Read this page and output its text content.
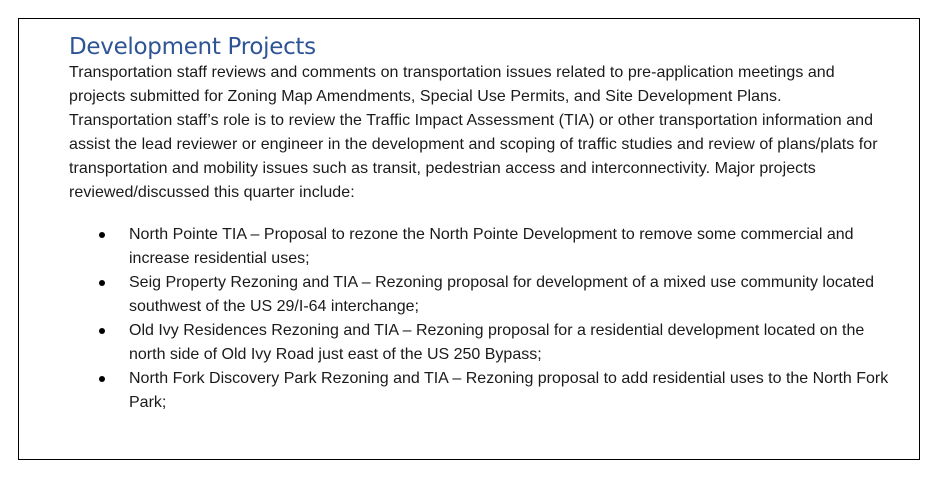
Development Projects

Transportation staff reviews and comments on transportation issues related to pre-application meetings and projects submitted for Zoning Map Amendments, Special Use Permits, and Site Development Plans. Transportation staff’s role is to review the Traffic Impact Assessment (TIA) or other transportation information and assist the lead reviewer or engineer in the development and scoping of traffic studies and review of plans/plats for transportation and mobility issues such as transit, pedestrian access and interconnectivity. Major projects reviewed/discussed this quarter include:

North Pointe TIA – Proposal to rezone the North Pointe Development to remove some commercial and increase residential uses;
Seig Property Rezoning and TIA – Rezoning proposal for development of a mixed use community located southwest of the US 29/I-64 interchange;
Old Ivy Residences Rezoning and TIA – Rezoning proposal for a residential development located on the north side of Old Ivy Road just east of the US 250 Bypass;
North Fork Discovery Park Rezoning and TIA – Rezoning proposal to add residential uses to the North Fork Park;
